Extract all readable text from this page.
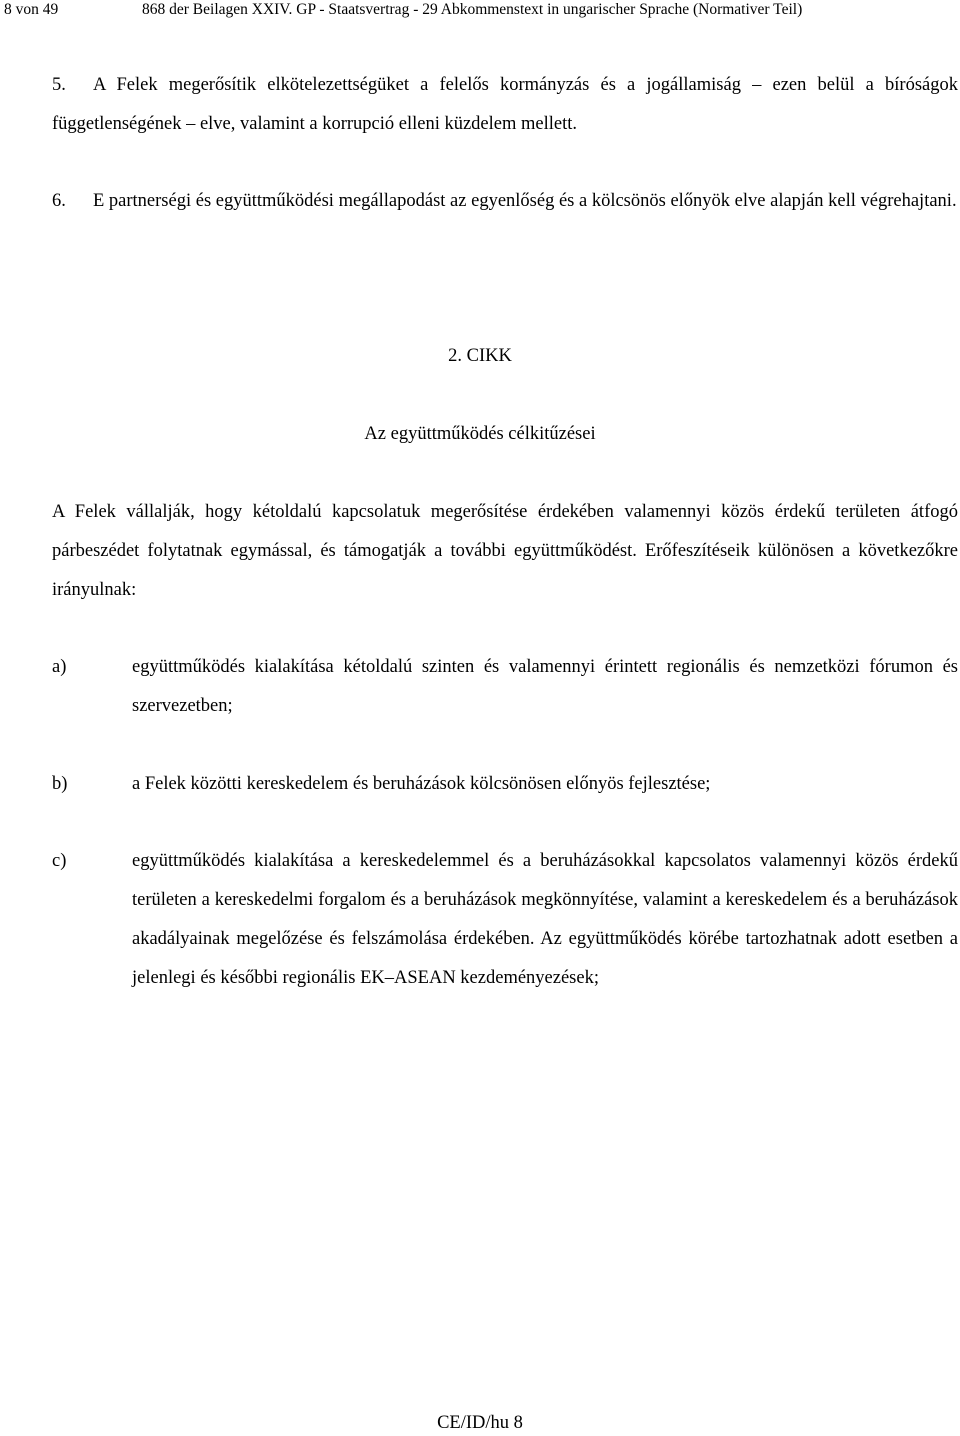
8 von 49	868 der Beilagen XXIV. GP - Staatsvertrag - 29 Abkommenstext in ungarischer Sprache (Normativer Teil)
5. A Felek megerősítik elkötelezettségüket a felelős kormányzás és a jogállamiság – ezen belül a bíróságok függetlenségének – elve, valamint a korrupció elleni küzdelem mellett.
6. E partnerségi és együttműködési megállapodást az egyenlőség és a kölcsönös előnyök elve alapján kell végrehajtani.
2. CIKK
Az együttműködés célkitűzései
A Felek vállalják, hogy kétoldalú kapcsolatuk megerősítése érdekében valamennyi közös érdekű területen átfogó párbeszédet folytatnak egymással, és támogatják a további együttműködést. Erőfeszítéseik különösen a következőkre irányulnak:
a)	együttműködés kialakítása kétoldalú szinten és valamennyi érintett regionális és nemzetközi fórumon és szervezetben;
b)	a Felek közötti kereskedelem és beruházások kölcsönösen előnyös fejlesztése;
c)	együttműködés kialakítása a kereskedelemmel és a beruházásokkal kapcsolatos valamennyi közös érdekű területen a kereskedelmi forgalom és a beruházások megkönnyítése, valamint a kereskedelem és a beruházások akadályainak megelőzése és felszámolása érdekében. Az együttműködés körébe tartozhatnak adott esetben a jelenlegi és későbbi regionális EK–ASEAN kezdeményezések;
CE/ID/hu 8
